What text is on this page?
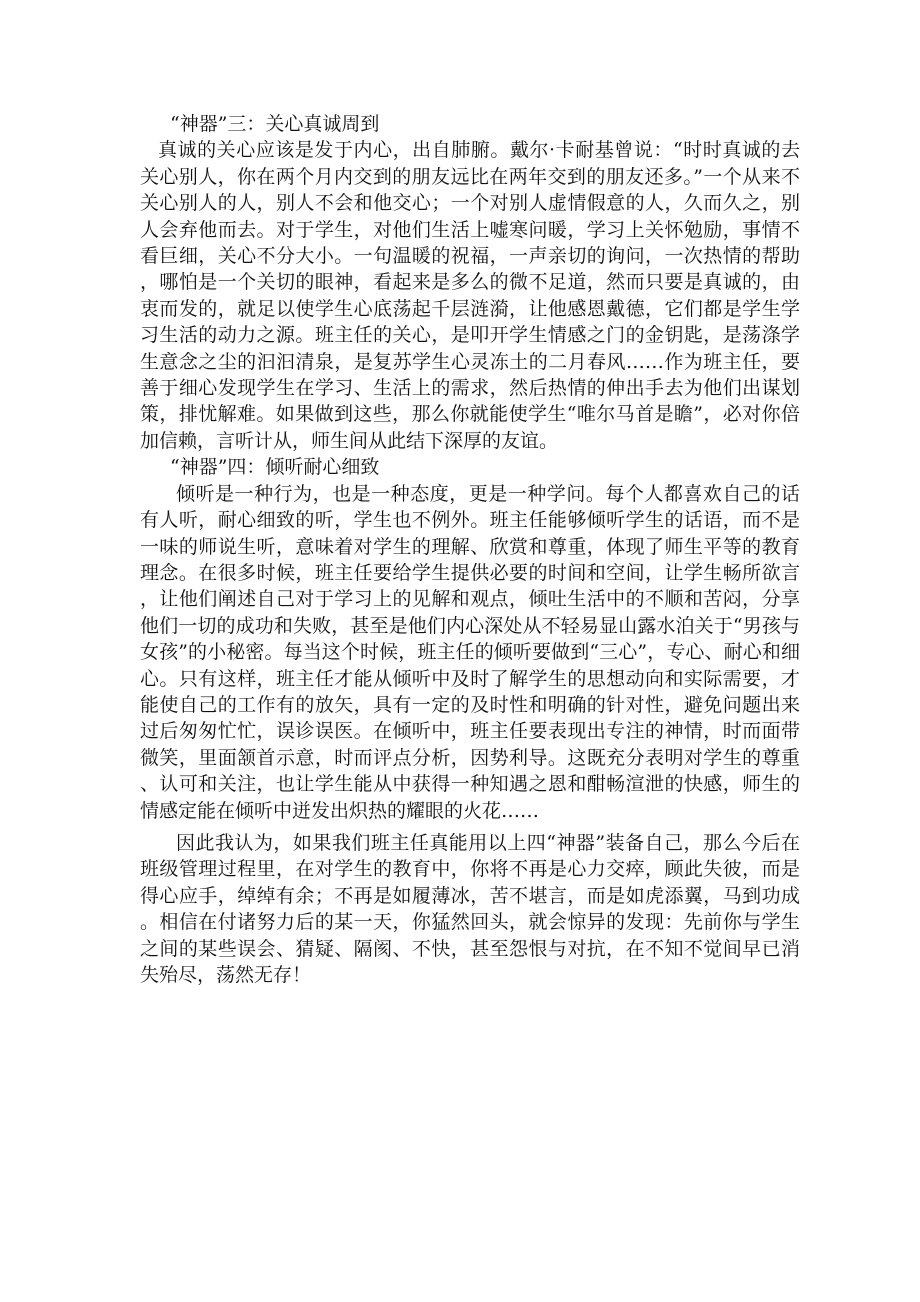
“神器”三：关心真诚周到

真诚的关心应该是发于内心，出自肺腑。戴尔·卡耐基曾说：“时时真诚的去关心别人，你在两个月内交到的朋友远比在两年交到的朋友还多。”一个从来不关心别人的人，别人不会和他交心；一个对别人虚情假意的人，久而久之，别人会弃他而去。对于学生，对他们生活上嘘寒问暖，学习上关怀勉励，事情不看巨细，关心不分大小。一句温暖的祝福，一声亲切的询问，一次热情的帮助，哪怕是一个关切的眼神，看起来是多么的微不足道，然而只要是真诚的，由衷而发的，就足以使学生心底荡起千层涟漪，让他感恩戴德，它们都是学生学习生活的动力之源。班主任的关心，是叩开学生情感之门的金钥匙，是荡涤学生意念之尘的汩汩清泉，是复苏学生心灵冻土的二月春风……作为班主任，要善于细心发现学生在学习、生活上的需求，然后热情的伸出手去为他们出谋划策，排忧解难。如果做到这些，那么你就能使学生“唯尔马首是瞻”，必对你倍加信赖，言听计从，师生间从此结下深厚的友谊。

“神器”四：倾听耐心细致

倾听是一种行为，也是一种态度，更是一种学问。每个人都喜欢自己的话有人听，耐心细致的听，学生也不例外。班主任能够倾听学生的话语，而不是一味的师说生听，意味着对学生的理解、欣赏和尊重，体现了师生平等的教育理念。在很多时候，班主任要给学生提供必要的时间和空间，让学生畅所欲言，让他们阐述自己对于学习上的见解和观点，倾吐生活中的不顺和苦闷，分享他们一切的成功和失败，甚至是他们内心深处从不轻易显山露水泊关于“男孩与女孩”的小秘密。每当这个时候，班主任的倾听要做到“三心”，专心、耐心和细心。只有这样，班主任才能从倾听中及时了解学生的思想动向和实际需要，才能使自己的工作有的放矢，具有一定的及时性和明确的针对性，避免问题出来过后匆匆忙忙，误诊误医。在倾听中，班主任要表现出专注的神情，时而面带微笑，里面颔首示意，时而评点分析，因势利导。这既充分表明对学生的尊重、认可和关注，也让学生能从中获得一种知遇之恩和酣畅渲泄的快感，师生的情感定能在倾听中迸发出炽热的耀眼的火花……

因此我认为，如果我们班主任真能用以上四“神器”装备自己，那么今后在班级管理过程里，在对学生的教育中，你将不再是心力交瘁，顾此失彼，而是得心应手，绰绰有余；不再是如履薄冰，苦不堪言，而是如虎添翼，马到功成。相信在付诸努力后的某一天，你猛然回头，就会惊异的发现：先前你与学生之间的某些误会、猜疑、隔阂、不快，甚至怨恨与对抗，在不知不觉间早已消失殆尽，荡然无存！
